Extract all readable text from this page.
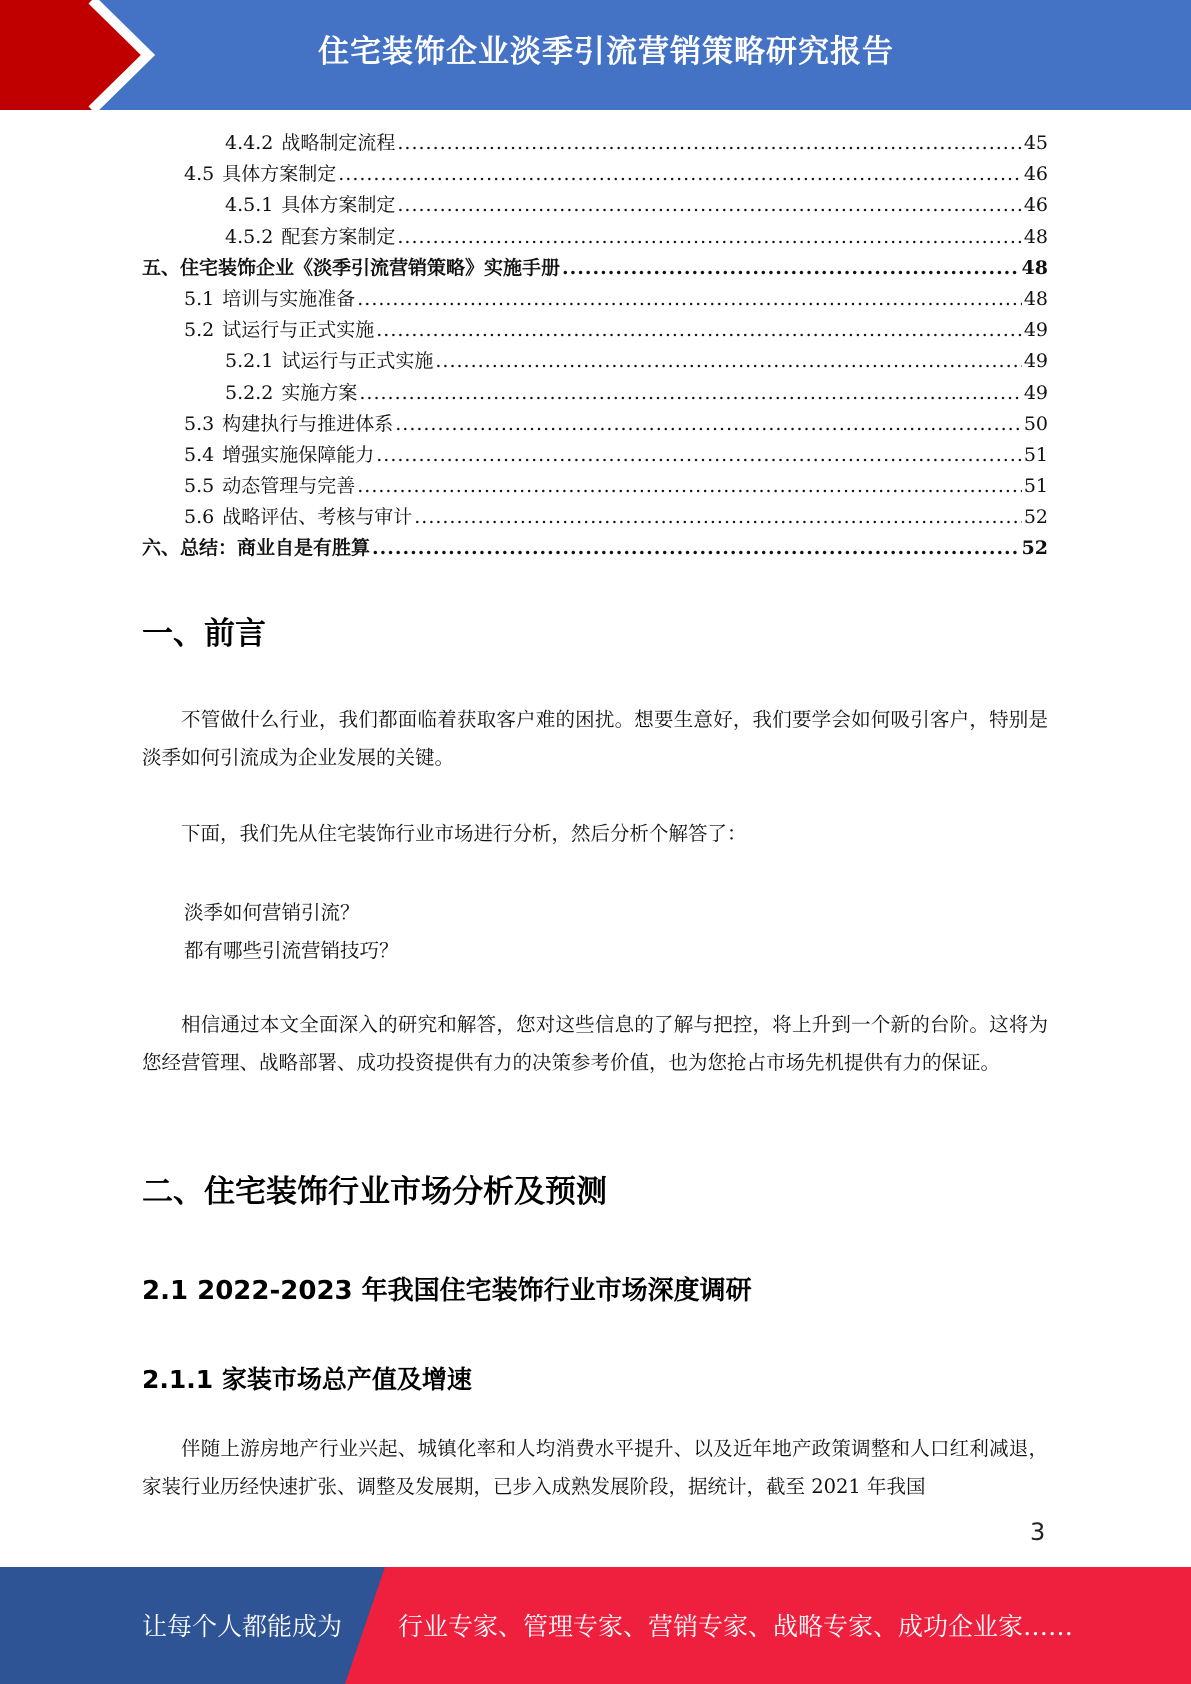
住宅装饰企业淡季引流营销策略研究报告
4.4.2 战略制定流程 .....	45
4.5 具体方案制定 .....	46
4.5.1 具体方案制定 .....	46
4.5.2 配套方案制定 .....	48
五、 住宅装饰企业《淡季引流营销策略》实施手册 .....	48
5.1 培训与实施准备 .....	48
5.2 试运行与正式实施 .....	49
5.2.1 试运行与正式实施 .....	49
5.2.2 实施方案 .....	49
5.3 构建执行与推进体系 .....	50
5.4 增强实施保障能力 .....	51
5.5 动态管理与完善 .....	51
5.6 战略评估、考核与审计 .....	52
六、 总结：商业自是有胜算 .....	52
一、前言

不管做什么行业，我们都面临着获取客户难的困扰。想要生意好，我们要学会如何吸引客户，特别是淡季如何引流成为企业发展的关键。

下面，我们先从住宅装饰行业市场进行分析，然后分析个解答了：

淡季如何营销引流？
都有哪些引流营销技巧？

相信通过本文全面深入的研究和解答，您对这些信息的了解与把控，将上升到一个新的台阶。这将为您经营管理、战略部署、成功投资提供有力的决策参考价值，也为您抢占市场先机提供有力的保证。

二、住宅装饰行业市场分析及预测
2.1 2022-2023 年我国住宅装饰行业市场深度调研
2.1.1 家装市场总产值及增速

伴随上游房地产行业兴起、城镇化率和人均消费水平提升、以及近年地产政策调整和人口红利减退，家装行业历经快速扩张、调整及发展期，已步入成熟发展阶段，据统计，截至 2021 年我国

3
让每个人都能成为 行业专家、管理专家、营销专家、战略专家、成功企业家……
